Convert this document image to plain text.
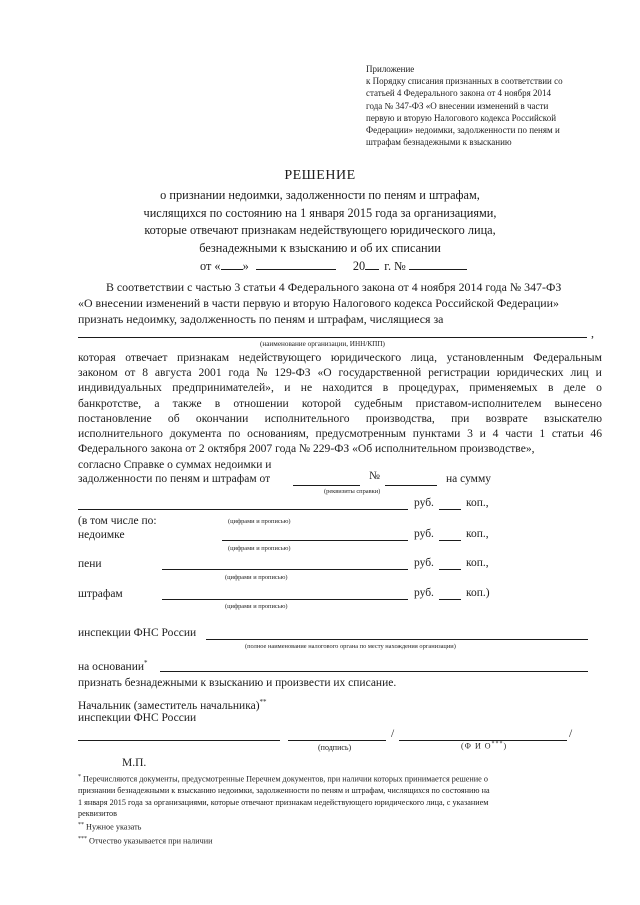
Приложение
к Порядку списания признанных в соответствии со
статьей 4 Федерального закона от 4 ноября 2014
года № 347-ФЗ «О внесении изменений в части
первую и вторую Налогового кодекса Российской
Федерации» недоимки, задолженности по пеням и
штрафам безнадежными к взысканию
РЕШЕНИЕ
о признании недоимки, задолженности по пеням и штрафам,
числящихся по состоянию на 1 января 2015 года за организациями,
которые отвечают признакам недействующего юридического лица,
безнадежными к взысканию и об их списании
от « »	20 г. №
В соответствии с частью 3 статьи 4 Федерального закона от 4 ноября 2014 года № 347-ФЗ
«О внесении изменений в части первую и вторую Налогового кодекса Российской Федерации»
признать недоимку, задолженность по пеням и штрафам, числящиеся за
,
(наименование организации, ИНН/КПП)
которая отвечает признакам недействующего юридического лица, установленным Федеральным
законом от 8 августа 2001 года № 129-ФЗ «О государственной регистрации юридических лиц и
индивидуальных предпринимателей», и не находится в процедурах, применяемых в деле о
банкротстве, а также в отношении которой судебным приставом-исполнителем вынесено
постановление об окончании исполнительного производства, при возврате взыскателю
исполнительного документа по основаниям, предусмотренным пунктами 3 и 4 части 1 статьи 46
Федерального закона от 2 октября 2007 года № 229-ФЗ «Об исполнительном производстве»,
согласно Справке о суммах недоимки и
задолженности по пеням и штрафам от	№	на сумму
(реквизиты справки)
руб.	коп.,
(в том числе по:	(цифрами и прописью)
недоимке	руб.	коп.,
(цифрами и прописью)
пени	руб.	коп.,
(цифрами и прописью)
штрафам	руб.	коп.)
(цифрами и прописью)
инспекции ФНС России
(полное наименование налогового органа по месту нахождения организации)
на основании*
признать безнадежными к взысканию и произвести их списание.
Начальник (заместитель начальника)**
инспекции ФНС России
/	/
(подпись)	(Ф И О***)
М.П.
* Перечисляются документы, предусмотренные Перечнем документов, при наличии которых принимается решение о
признании безнадежными к взысканию недоимки, задолженности по пеням и штрафам, числящихся по состоянию на
1 января 2015 года за организациями, которые отвечают признакам недействующего юридического лица, с указанием
реквизитов
** Нужное указать
*** Отчество указывается при наличии
